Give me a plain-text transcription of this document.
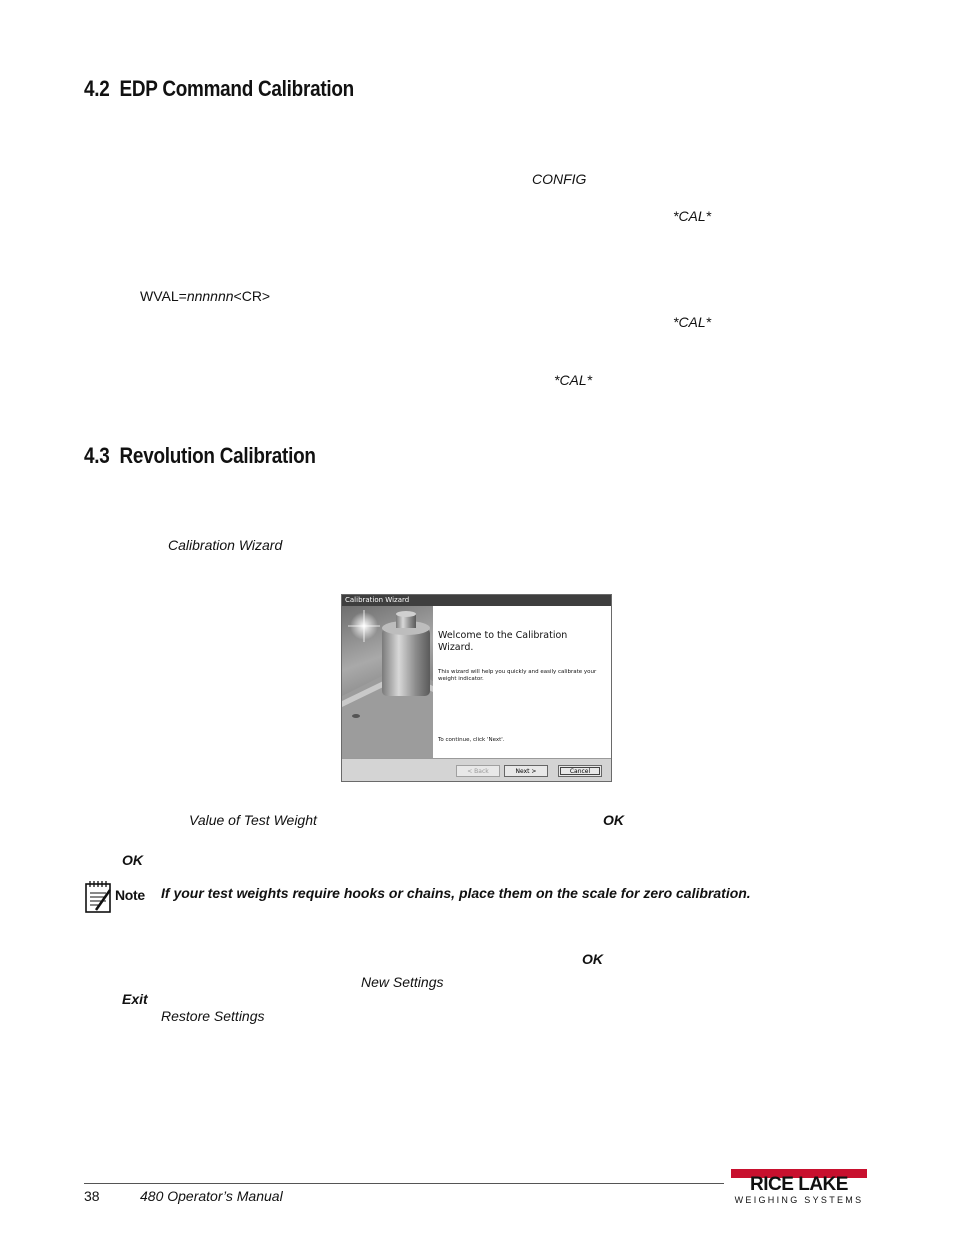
4.2 EDP Command Calibration
CONFIG
*CAL*
WVAL=nnnnnn<CR>
*CAL*
*CAL*
4.3 Revolution Calibration
Calibration Wizard
Calibration Wizard
Welcome to the Calibration Wizard.
This wizard will help you quickly and easily calibrate your weight indicator.
To continue, click 'Next'.
< Back	Next >	Cancel
Value of Test Weight	OK
OK
Note If your test weights require hooks or chains, place them on the scale for zero calibration.
OK
New Settings
Exit
Restore Settings
38	480 Operator’s Manual
RICE LAKE
WEIGHING SYSTEMS
